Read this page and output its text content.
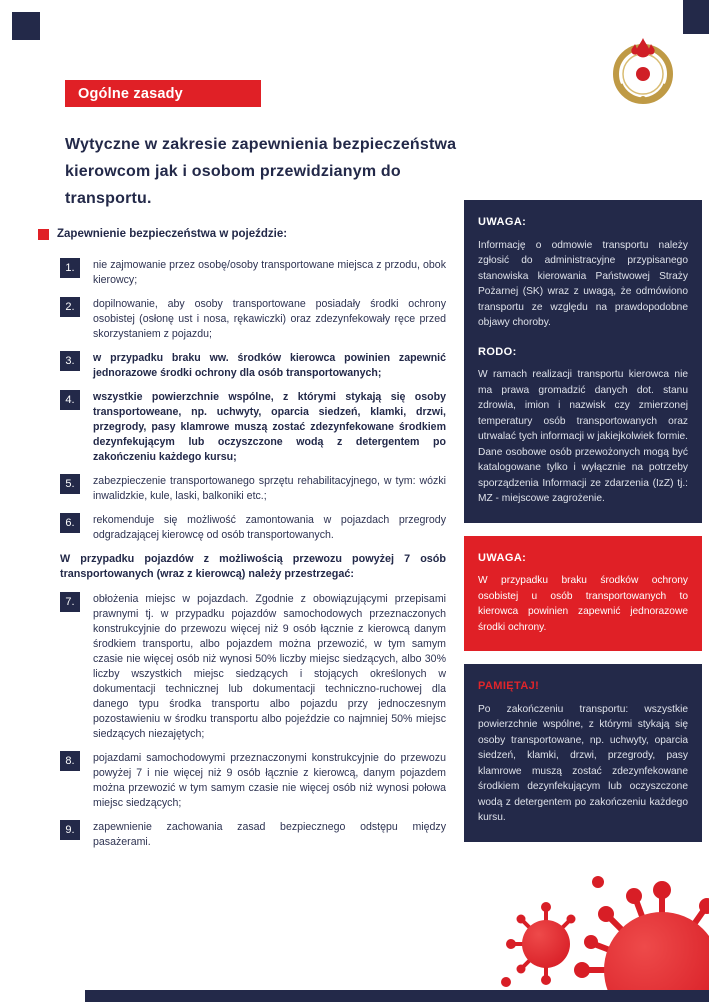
Ogólne zasady
Wytyczne w zakresie zapewnienia bezpieczeństwa kierowcom jak i osobom przewidzianym do transportu.
Zapewnienie bezpieczeństwa w pojeździe:
1.	nie zajmowanie przez osobę/osoby transportowane miejsca z przodu, obok kierowcy;

2.	dopilnowanie, aby osoby transportowane posiadały środki ochrony osobistej (osłonę ust i nosa, rękawiczki) oraz zdezynfekowały ręce przed skorzystaniem z pojazdu;

3.	w przypadku braku ww. środków kierowca powinien zapewnić jednorazowe środki ochrony dla osób transportowanych;

4.	wszystkie powierzchnie wspólne, z którymi stykają się osoby transportoweane, np. uchwyty, oparcia siedzeń, klamki, drzwi, przegrody, pasy klamrowe muszą zostać zdezynfekowane środkiem dezynfekującym lub oczyszczone wodą z detergentem po zakończeniu każdego kursu;

5.	zabezpieczenie transportowanego sprzętu rehabilitacyjnego, w tym: wózki inwalidzkie, kule, laski, balkoniki etc.;

6.	rekomenduje się możliwość zamontowania w pojazdach przegrody odgradzającej kierowcę od osób transportowanych.

W przypadku pojazdów z możliwością przewozu powyżej 7 osób transportowanych (wraz z kierowcą) należy przestrzegać:

7.	obłożenia miejsc w pojazdach. Zgodnie z obowiązującymi przepisami prawnymi tj. w przypadku pojazdów samochodowych przeznaczonych konstrukcyjnie do przewozu więcej niż 9 osób łącznie z kierowcą danym środkiem transportu, albo pojazdem można przewozić, w tym samym czasie nie więcej osób niż wynosi 50% liczby miejsc siedzących, albo 30% liczby wszystkich miejsc siedzących i stojących określonych w dokumentacji technicznej lub dokumentacji techniczno-ruchowej dla danego typu środka transportu albo pojazdu przy jednoczesnym pozostawieniu w środku transportu albo pojeździe co najmniej 50% miejsc siedzących niezajętych;

8.	pojazdami samochodowymi przeznaczonymi konstrukcyjnie do przewozu powyżej 7 i nie więcej niż 9 osób łącznie z kierowcą, danym pojazdem można przewozić w tym samym czasie nie więcej osób niż wynosi połowa miejsc siedzących;

9.	zapewnienie zachowania zasad bezpiecznego odstępu między pasażerami.

UWAGA:

Informację o odmowie transportu należy zgłosić do administracyjne przypisanego stanowiska kierowania Państwowej Straży Pożarnej (SK) wraz z uwagą, że odmówiono transportu ze względu na prawdopodobne objawy choroby.

RODO:

W ramach realizacji transportu kierowca nie ma prawa gromadzić danych dot. stanu zdrowia, imion i nazwisk czy zmierzonej temperatury osób transportowanych oraz utrwalać tych informacji w jakiejkolwiek formie. Dane osobowe osób przewożonych mogą być katalogowane tylko i wyłącznie na potrzeby sporządzenia Informacji ze zdarzenia (IzZ) tj.: MZ - miejscowe zagrożenie.

UWAGA:

W przypadku braku środków ochrony osobistej u osób transportowanych to kierowca powinien zapewnić jednorazowe środki ochrony.

PAMIĘTAJ!

Po zakończeniu transportu: wszystkie powierzchnie wspólne, z którymi stykają się osoby transportowane, np. uchwyty, oparcia siedzeń, klamki, drzwi, przegrody, pasy klamrowe muszą zostać zdezynfekowane środkiem dezynfekującym lub oczyszczone wodą z detergentem po zakończeniu każdego kursu.
